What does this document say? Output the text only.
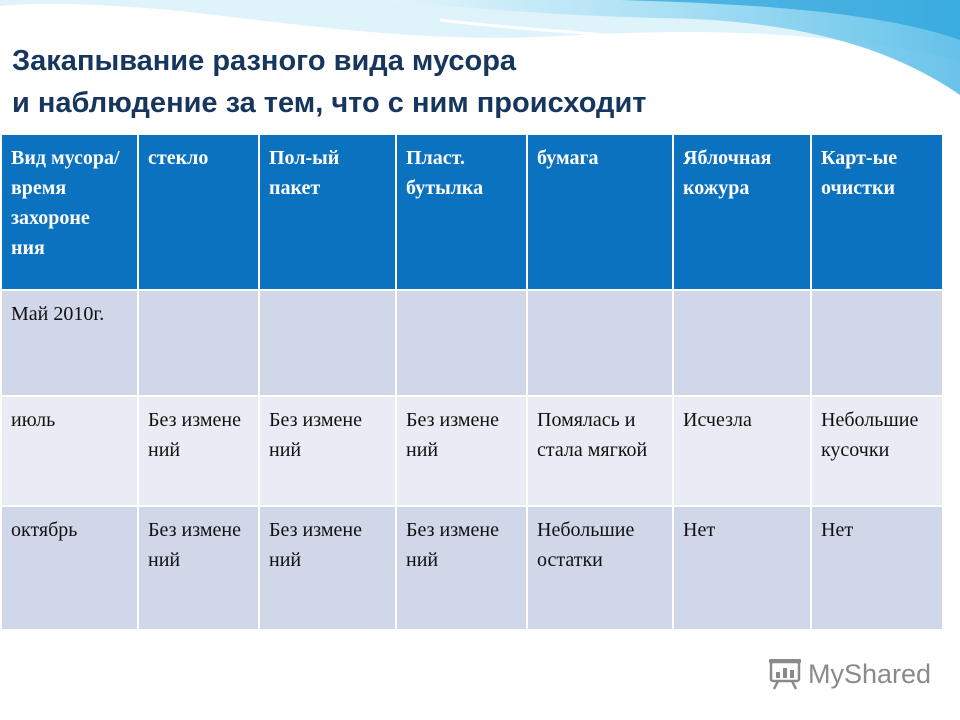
Закапывание разного вида мусора
и наблюдение за тем, что с ним происходит
Вид мусора/ время захороне ния	стекло	Пол-ый пакет	Пласт. бутылка	бумага	Яблочная кожура	Карт-ые очистки
Май 2010г.						
июль	Без измене ний	Без измене ний	Без измене ний	Помялась и стала мягкой	Исчезла	Небольшие кусочки
октябрь	Без измене ний	Без измене ний	Без измене ний	Небольшие остатки	Нет	Нет
MyShared
